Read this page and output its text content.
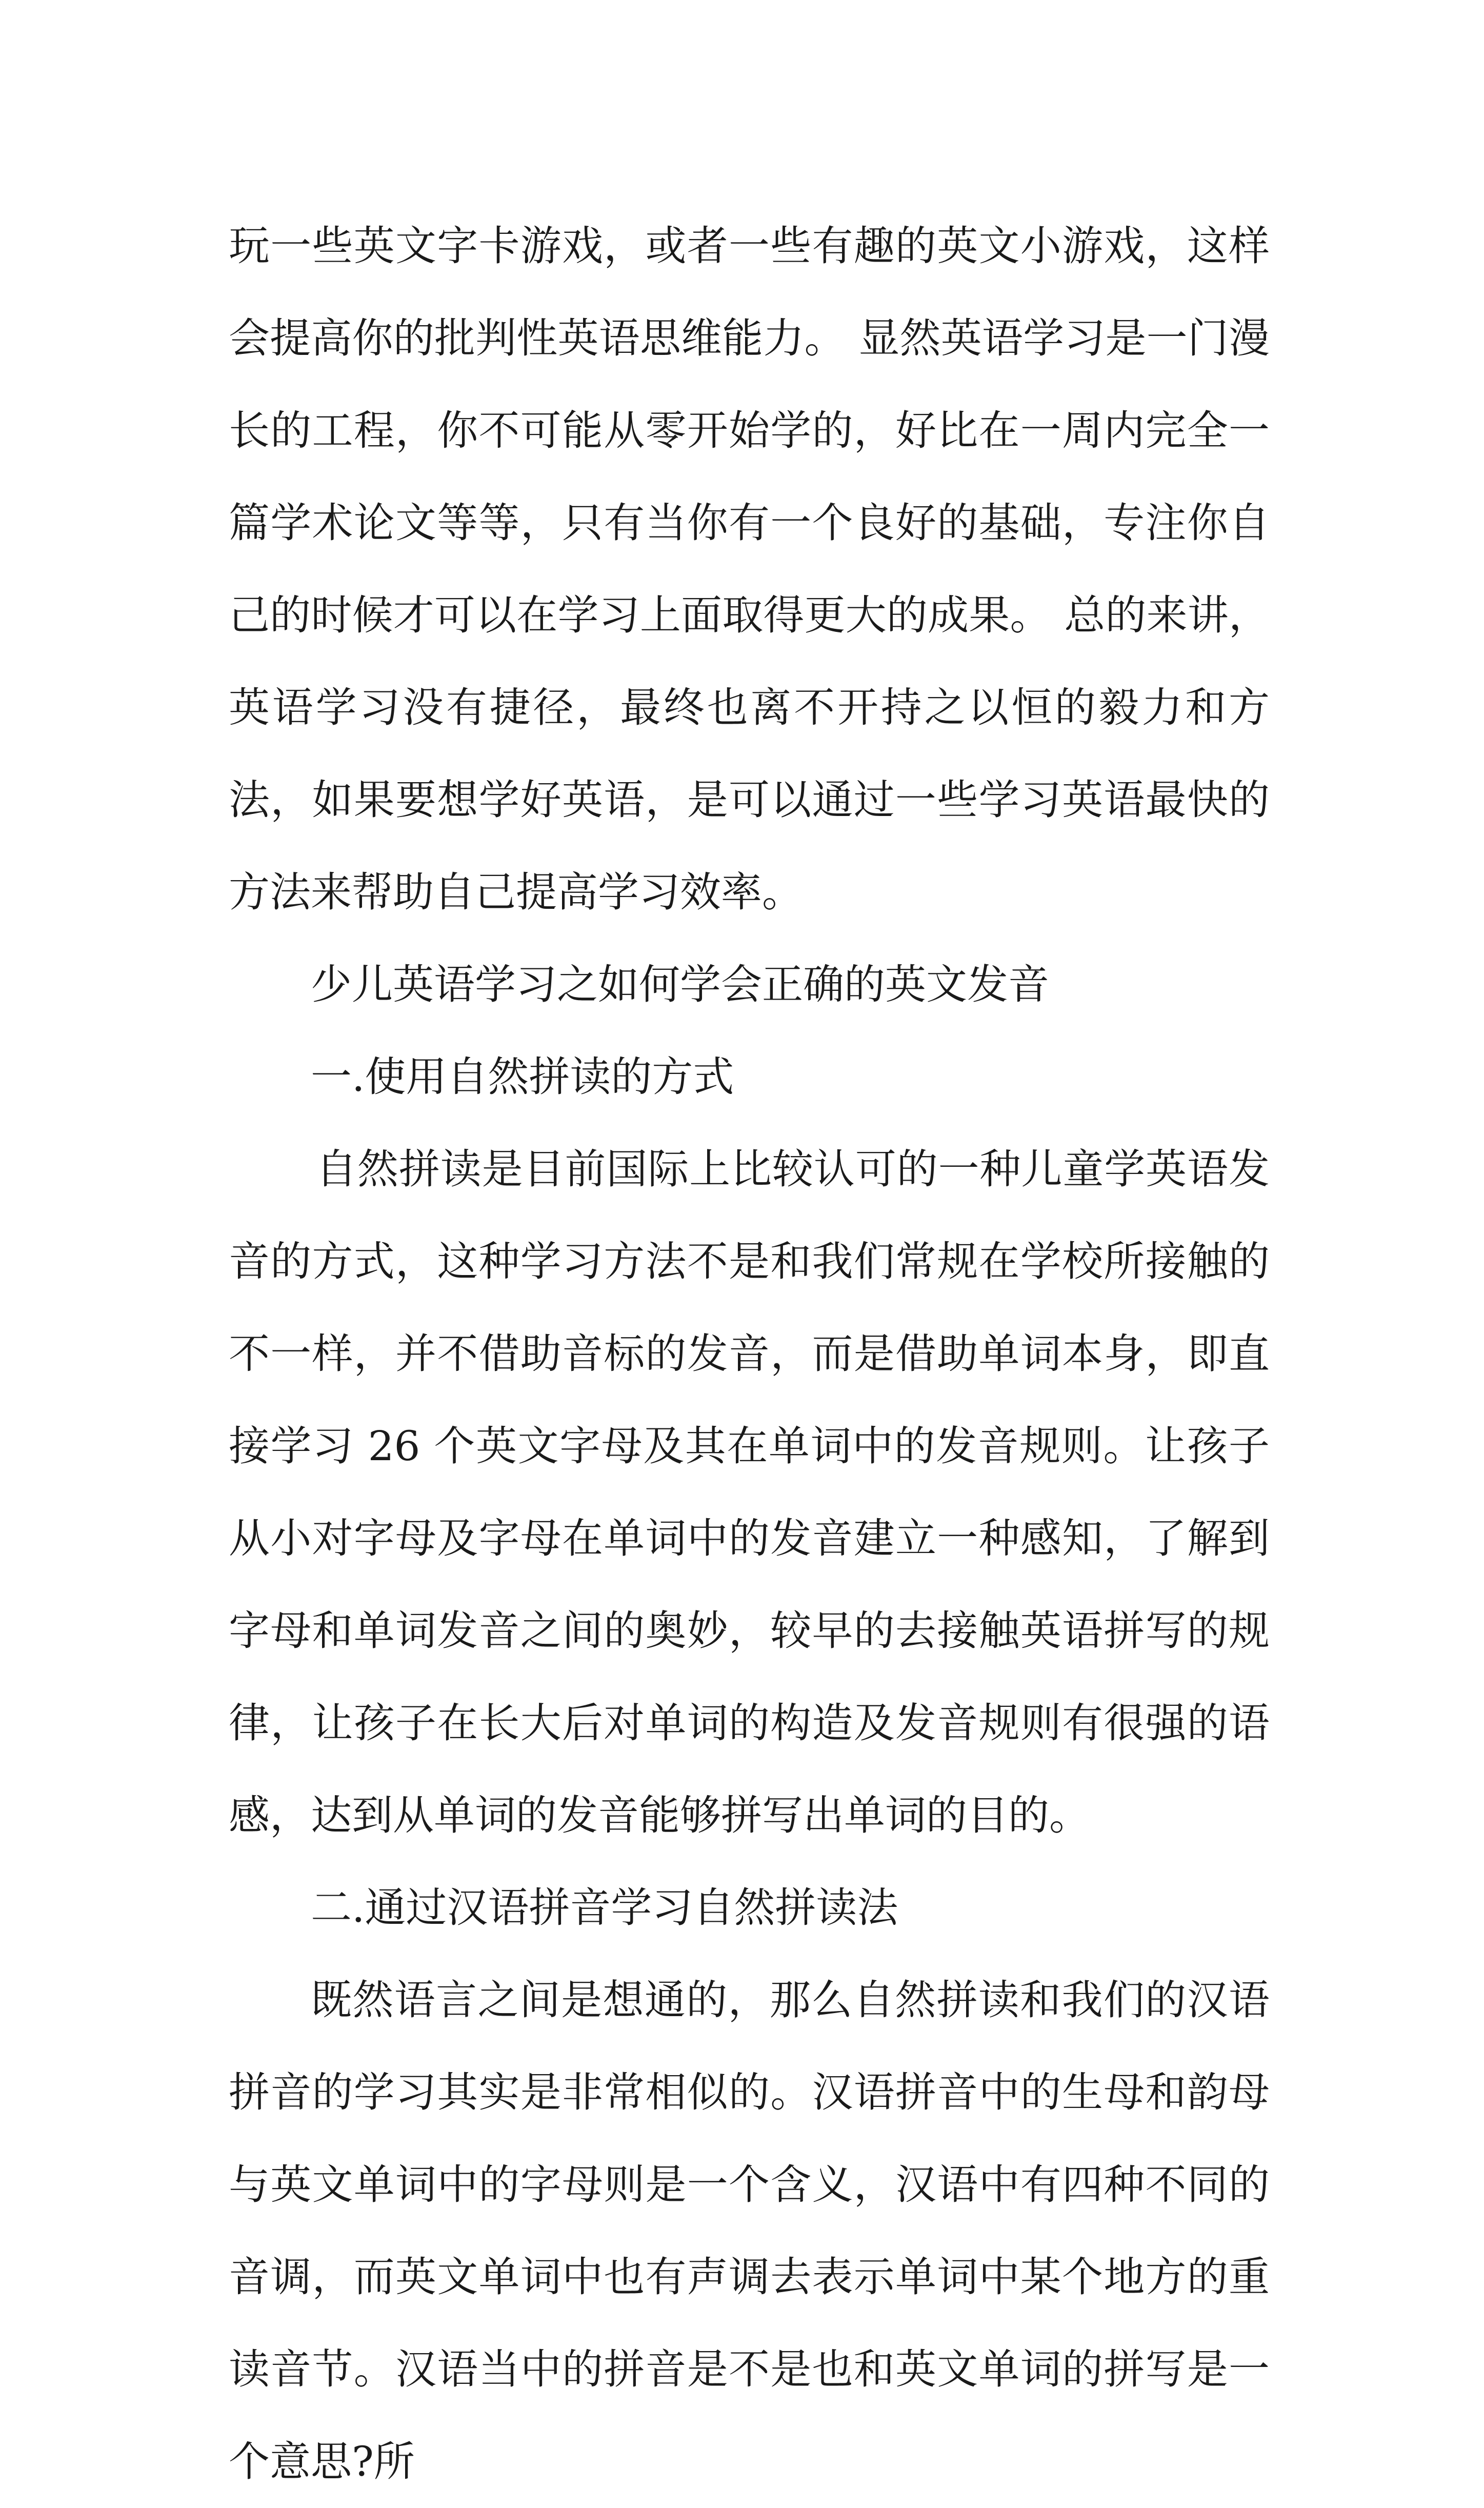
玩一些英文字卡游戏，或者一些有趣的英文小游戏，这样会提高你的批判性英语思维能力。 显然英语学习是一门漫长的工程，你不可能从零开始学的，好比在一周内完全一篇学术论文等等，只有当你有一个良好的基础，专注你自己的时候才可以在学习上面取得更大的成果。 总的来讲，英语学习没有捷径，最终也离不开持之以恒的毅力和方法，如果要想学好英语，是可以通过一些学习英语最快的方法来帮助自己提高学习效率。

少儿英语学习之如何学会正确的英文发音

一.使用自然拼读的方式

自然拼读是目前国际上比较认可的一种儿童学英语发音的方式，这种学习方法不是和我们常规在学校所接触的不一样，并不借助音标的发音，而是借助单词本身，即直接学习 26 个英文字母及其在单词中的发音规则。让孩子从小对字母及字母在单词中的发音建立一种感知，了解到字母和单词发音之间的奥妙，较早的去接触英语拼写的规律，让孩子在长大后对单词的构造及发音规则有很强的语感，达到从单词的发音能够拼写出单词的目的。

二.通过汉语拼音学习自然拼读法

既然语言之间是想通的，那么自然拼读和我们的汉语拼音的学习其实是非常相似的。汉语拼音中的生母和韵母与英文单词中的字母则是一个含义，汉语中有四种不同的音调，而英文单词中也有声调去表示单词中某个地方的重读音节。汉语当中的拼音是不是也和英文单词的拼写是一个意思?所
